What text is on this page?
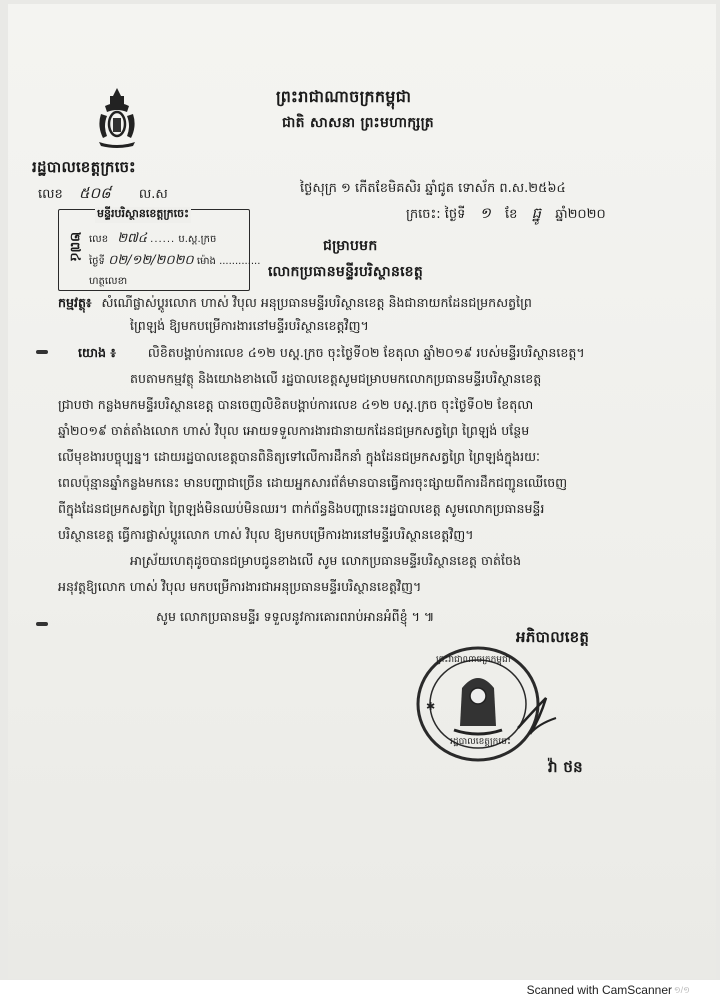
ព្រះរាជាណាចក្រកម្ពុជា
ជាតិ សាសនា ព្រះមហាក្សត្រ
រដ្ឋបាលខេត្តក្រចេះ
លេខ ៥០៨ ល.ស
មន្ទីរបរិស្ថានខេត្តក្រចេះ
២៧៤ លេខ ២៧៤ ...... ប.ស្ត.ក្រច
ថ្ងៃទី ០២/១២/២០២០ ម៉ោង .............
ហត្ថលេខា
ថ្ងៃសុក្រ ១ កើតខែមិគសិរ ឆ្នាំជូត ទោស័ក ព.ស.២៥៦៤
ក្រចេះ: ថ្ងៃទី ១ ខែ ធ្នូ ឆ្នាំ២០២០
ជម្រាបមក
លោកប្រធានមន្ទីរបរិស្ថានខេត្ត
កម្មវត្ថុ៖ សំណើផ្លាស់ប្តូរលោក ហាស់ វិបុល អនុប្រធានមន្ទីរបរិស្ថានខេត្ត និងជានាយកដែនជម្រកសត្វព្រៃ
ព្រៃឡង់ ឱ្យមកបម្រើការងារនៅមន្ទីរបរិស្ថានខេត្តវិញ។
យោង ៖	លិខិតបង្គាប់ការលេខ ៤១២ បស្ត.ក្រច ចុះថ្ងៃទី០២ ខែតុលា ឆ្នាំ២០១៩ របស់មន្ទីរបរិស្ថានខេត្ត។
តបតាមកម្មវត្ថុ និងយោងខាងលើ រដ្ឋបាលខេត្តសូមជម្រាបមកលោកប្រធានមន្ទីរបរិស្ថានខេត្ត
ជ្រាបថា កន្លងមកមន្ទីរបរិស្ថានខេត្ត បានចេញលិខិតបង្គាប់ការលេខ ៤១២ បស្ត.ក្រច ចុះថ្ងៃទី០២ ខែតុលា
ឆ្នាំ២០១៩ ចាត់តាំងលោក ហាស់ វិបុល អោយទទួលការងារជានាយកដែនជម្រកសត្វព្រៃ ព្រៃឡង់ បន្ថែម
លើមុខងារបច្ចុប្បន្ន។ ដោយរដ្ឋបាលខេត្តបានពិនិត្យទៅលើការដឹកនាំ ក្នុងដែនជម្រកសត្វព្រៃ ព្រៃឡង់ក្នុងរយៈ
ពេលប៉ុន្មានឆ្នាំកន្លងមកនេះ មានបញ្ហាជាច្រើន ដោយអ្នកសារព័ត៌មានបានធ្វើការចុះផ្សាយពីការដឹកជញ្ជូនឈើចេញ
ពីក្នុងដែនជម្រកសត្វព្រៃ ព្រៃឡង់មិនឈប់មិនឈរ។ ពាក់ព័ន្ធនិងបញ្ហានេះរដ្ឋបាលខេត្ត សូមលោកប្រធានមន្ទីរ
បរិស្ថានខេត្ត ធ្វើការផ្លាស់ប្តូរលោក ហាស់ វិបុល ឱ្យមកបម្រើការងារនៅមន្ទីរបរិស្ថានខេត្តវិញ។
អាស្រ័យហេតុដូចបានជម្រាបជូនខាងលើ សូម លោកប្រធានមន្ទីរបរិស្ថានខេត្ត ចាត់ចែង
អនុវត្តឱ្យលោក ហាស់ វិបុល មកបម្រើការងារជាអនុប្រធានមន្ទីរបរិស្ថានខេត្តវិញ។
សូម លោកប្រធានមន្ទីរ ទទួលនូវការគោរពរាប់អានអំពីខ្ញុំ ។ ៕
អភិបាលខេត្ត
✱
ព្រះរាជាណាចក្រកម្ពុជា
រដ្ឋបាលខេត្តក្រចេះ
វ៉ា ថន
Scanned with CamScanner ១/១
